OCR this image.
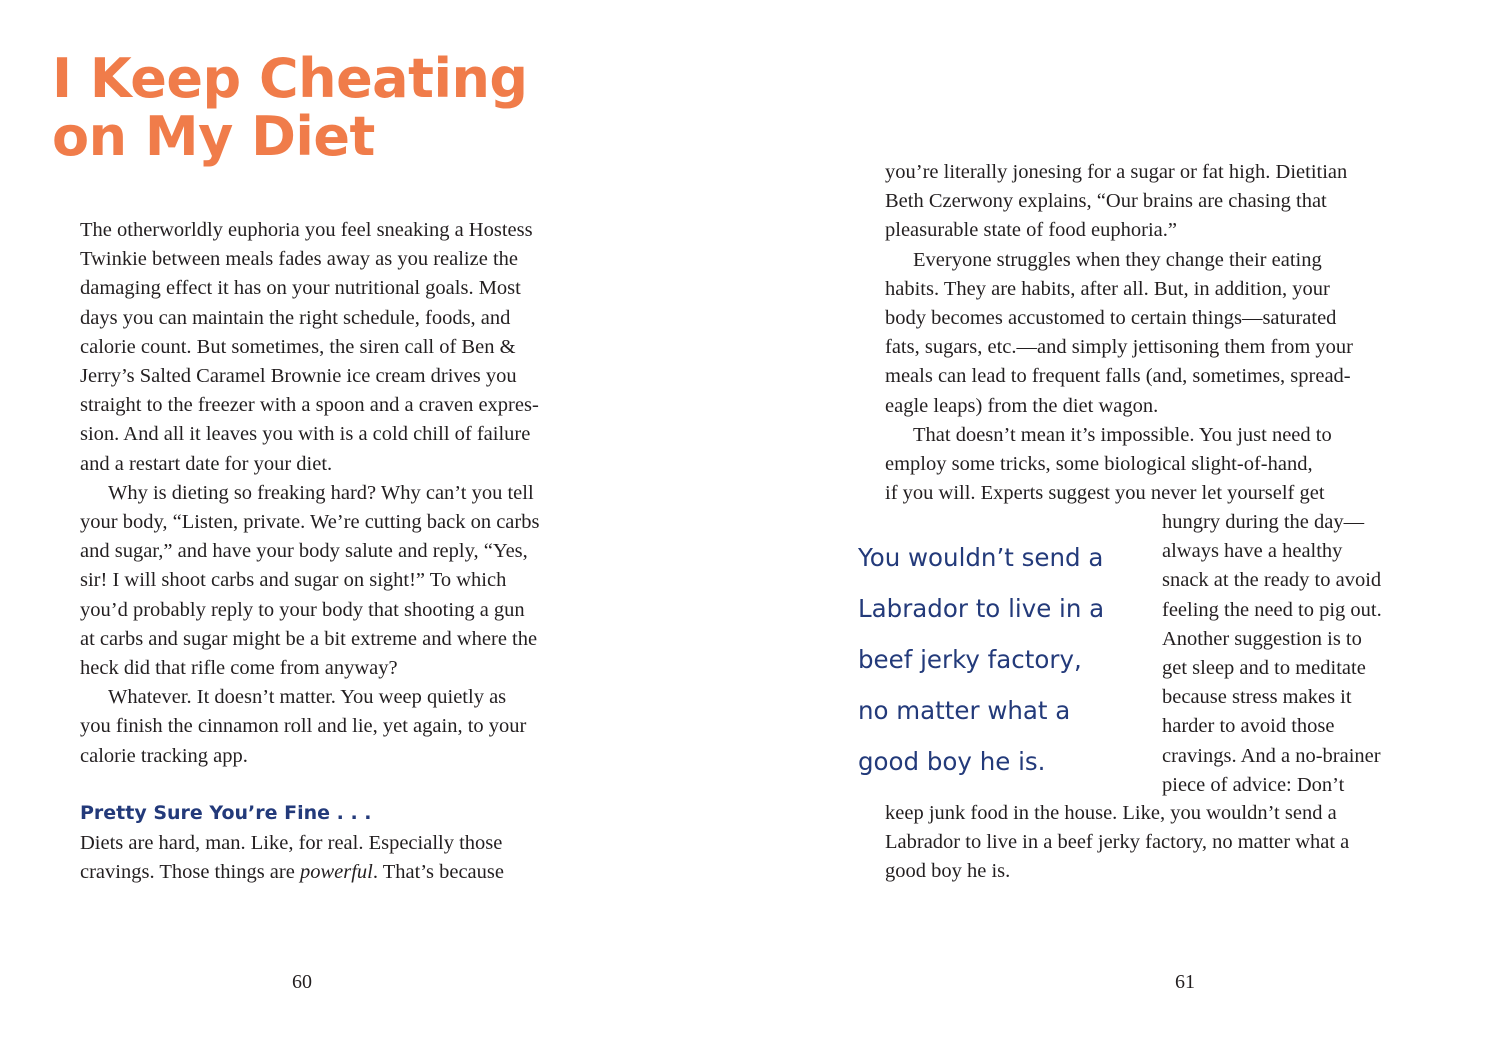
I Keep Cheating
on My Diet

The otherworldly euphoria you feel sneaking a Hostess
Twinkie between meals fades away as you realize the
damaging effect it has on your nutritional goals. Most
days you can maintain the right schedule, foods, and
calorie count. But sometimes, the siren call of Ben &
Jerry’s Salted Caramel Brownie ice cream drives you
straight to the freezer with a spoon and a craven expres-
sion. And all it leaves you with is a cold chill of failure
and a restart date for your diet.

Why is dieting so freaking hard? Why can’t you tell
your body, “Listen, private. We’re cutting back on carbs
and sugar,” and have your body salute and reply, “Yes,
sir! I will shoot carbs and sugar on sight!” To which
you’d probably reply to your body that shooting a gun
at carbs and sugar might be a bit extreme and where the
heck did that rifle come from anyway?

Whatever. It doesn’t matter. You weep quietly as
you finish the cinnamon roll and lie, yet again, to your
calorie tracking app.

Pretty Sure You’re Fine . . .

Diets are hard, man. Like, for real. Especially those
cravings. Those things are powerful. That’s because

60

you’re literally jonesing for a sugar or fat high. Dietitian
Beth Czerwony explains, “Our brains are chasing that
pleasurable state of food euphoria.”

Everyone struggles when they change their eating
habits. They are habits, after all. But, in addition, your
body becomes accustomed to certain things—saturated
fats, sugars, etc.—and simply jettisoning them from your
meals can lead to frequent falls (and, sometimes, spread-
eagle leaps) from the diet wagon.

That doesn’t mean it’s impossible. You just need to
employ some tricks, some biological slight-of-hand,
if you will. Experts suggest you never let yourself get

You wouldn’t send a
Labrador to live in a
beef jerky factory,
no matter what a
good boy he is.

hungry during the day—
always have a healthy
snack at the ready to avoid
feeling the need to pig out.
Another suggestion is to
get sleep and to meditate
because stress makes it
harder to avoid those
cravings. And a no-brainer
piece of advice: Don’t

keep junk food in the house. Like, you wouldn’t send a
Labrador to live in a beef jerky factory, no matter what a
good boy he is.

61
